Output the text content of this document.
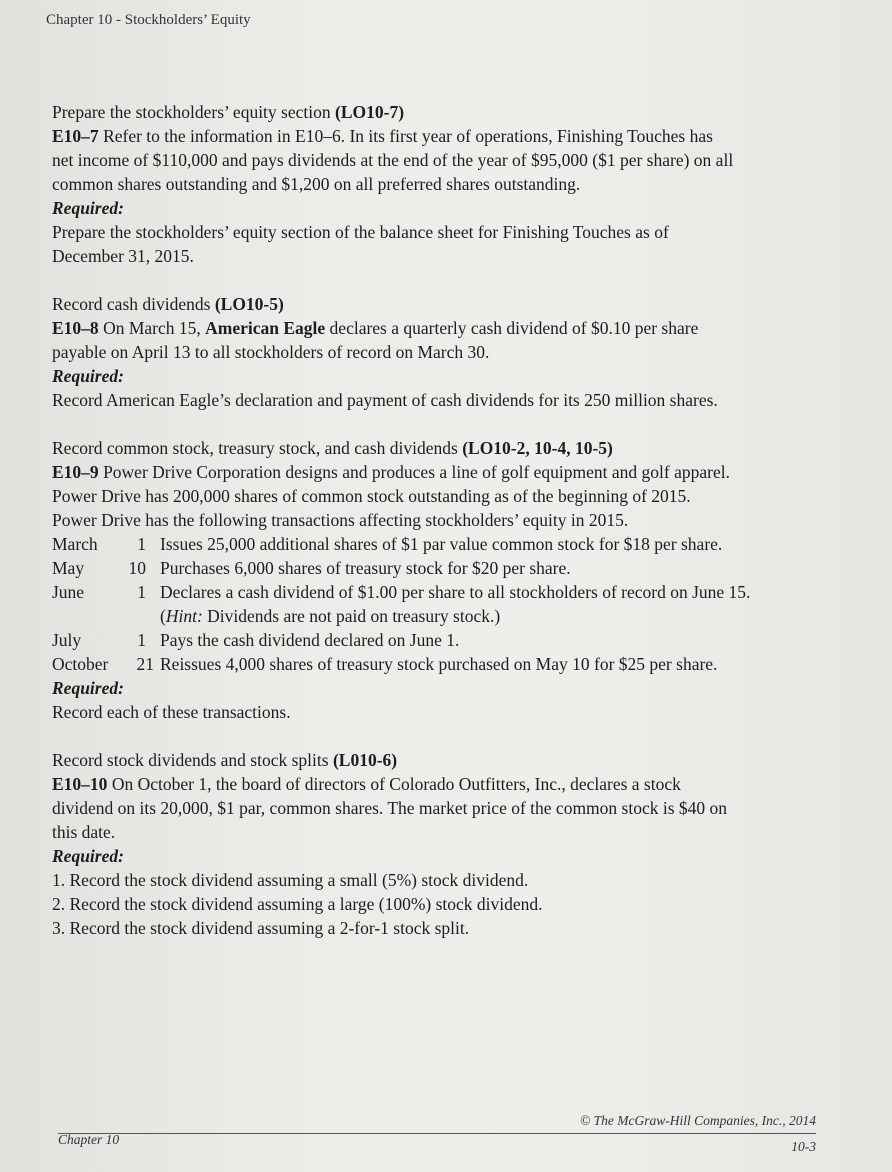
Chapter 10 - Stockholders’ Equity
Prepare the stockholders’ equity section (LO10-7)
E10–7 Refer to the information in E10–6. In its first year of operations, Finishing Touches has
net income of $110,000 and pays dividends at the end of the year of $95,000 ($1 per share) on all
common shares outstanding and $1,200 on all preferred shares outstanding.
Required:
Prepare the stockholders’ equity section of the balance sheet for Finishing Touches as of
December 31, 2015.
Record cash dividends (LO10-5)
E10–8 On March 15, American Eagle declares a quarterly cash dividend of $0.10 per share
payable on April 13 to all stockholders of record on March 30.
Required:
Record American Eagle’s declaration and payment of cash dividends for its 250 million shares.
Record common stock, treasury stock, and cash dividends (LO10-2, 10-4, 10-5)
E10–9 Power Drive Corporation designs and produces a line of golf equipment and golf apparel.
Power Drive has 200,000 shares of common stock outstanding as of the beginning of 2015.
Power Drive has the following transactions affecting stockholders’ equity in 2015.
March	1 Issues 25,000 additional shares of $1 par value common stock for $18 per share.
May	10 Purchases 6,000 shares of treasury stock for $20 per share.
June	1 Declares a cash dividend of $1.00 per share to all stockholders of record on June 15.
(Hint: Dividends are not paid on treasury stock.)
July	1 Pays the cash dividend declared on June 1.
October	21 Reissues 4,000 shares of treasury stock purchased on May 10 for $25 per share.
Required:
Record each of these transactions.
Record stock dividends and stock splits (L010-6)
E10–10 On October 1, the board of directors of Colorado Outfitters, Inc., declares a stock
dividend on its 20,000, $1 par, common shares. The market price of the common stock is $40 on
this date.
Required:
1. Record the stock dividend assuming a small (5%) stock dividend.
2. Record the stock dividend assuming a large (100%) stock dividend.
3. Record the stock dividend assuming a 2-for-1 stock split.
© The McGraw-Hill Companies, Inc., 2014
Chapter 10	10-3
